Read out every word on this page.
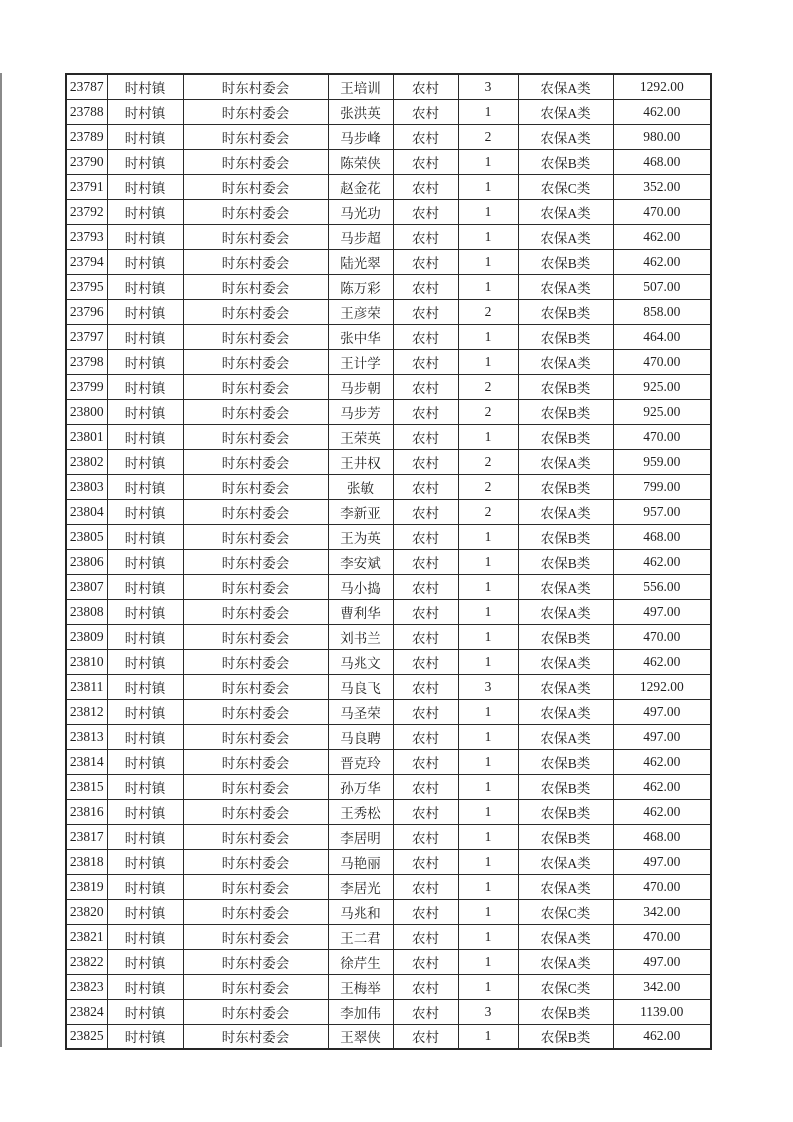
23787	时村镇	时东村委会	王培训	农村	3	农保A类	1292.00
23788	时村镇	时东村委会	张洪英	农村	1	农保A类	462.00
23789	时村镇	时东村委会	马步峰	农村	2	农保A类	980.00
23790	时村镇	时东村委会	陈荣侠	农村	1	农保B类	468.00
23791	时村镇	时东村委会	赵金花	农村	1	农保C类	352.00
23792	时村镇	时东村委会	马光功	农村	1	农保A类	470.00
23793	时村镇	时东村委会	马步超	农村	1	农保A类	462.00
23794	时村镇	时东村委会	陆光翠	农村	1	农保B类	462.00
23795	时村镇	时东村委会	陈万彩	农村	1	农保A类	507.00
23796	时村镇	时东村委会	王彦荣	农村	2	农保B类	858.00
23797	时村镇	时东村委会	张中华	农村	1	农保B类	464.00
23798	时村镇	时东村委会	王计学	农村	1	农保A类	470.00
23799	时村镇	时东村委会	马步朝	农村	2	农保B类	925.00
23800	时村镇	时东村委会	马步芳	农村	2	农保B类	925.00
23801	时村镇	时东村委会	王荣英	农村	1	农保B类	470.00
23802	时村镇	时东村委会	王井权	农村	2	农保A类	959.00
23803	时村镇	时东村委会	张敏	农村	2	农保B类	799.00
23804	时村镇	时东村委会	李新亚	农村	2	农保A类	957.00
23805	时村镇	时东村委会	王为英	农村	1	农保B类	468.00
23806	时村镇	时东村委会	李安斌	农村	1	农保B类	462.00
23807	时村镇	时东村委会	马小捣	农村	1	农保A类	556.00
23808	时村镇	时东村委会	曹利华	农村	1	农保A类	497.00
23809	时村镇	时东村委会	刘书兰	农村	1	农保B类	470.00
23810	时村镇	时东村委会	马兆文	农村	1	农保A类	462.00
23811	时村镇	时东村委会	马良飞	农村	3	农保A类	1292.00
23812	时村镇	时东村委会	马圣荣	农村	1	农保A类	497.00
23813	时村镇	时东村委会	马良聘	农村	1	农保A类	497.00
23814	时村镇	时东村委会	晋克玲	农村	1	农保B类	462.00
23815	时村镇	时东村委会	孙万华	农村	1	农保B类	462.00
23816	时村镇	时东村委会	王秀松	农村	1	农保B类	462.00
23817	时村镇	时东村委会	李居明	农村	1	农保B类	468.00
23818	时村镇	时东村委会	马艳丽	农村	1	农保A类	497.00
23819	时村镇	时东村委会	李居光	农村	1	农保A类	470.00
23820	时村镇	时东村委会	马兆和	农村	1	农保C类	342.00
23821	时村镇	时东村委会	王二君	农村	1	农保A类	470.00
23822	时村镇	时东村委会	徐芹生	农村	1	农保A类	497.00
23823	时村镇	时东村委会	王梅举	农村	1	农保C类	342.00
23824	时村镇	时东村委会	李加伟	农村	3	农保B类	1139.00
23825	时村镇	时东村委会	王翠侠	农村	1	农保B类	462.00
